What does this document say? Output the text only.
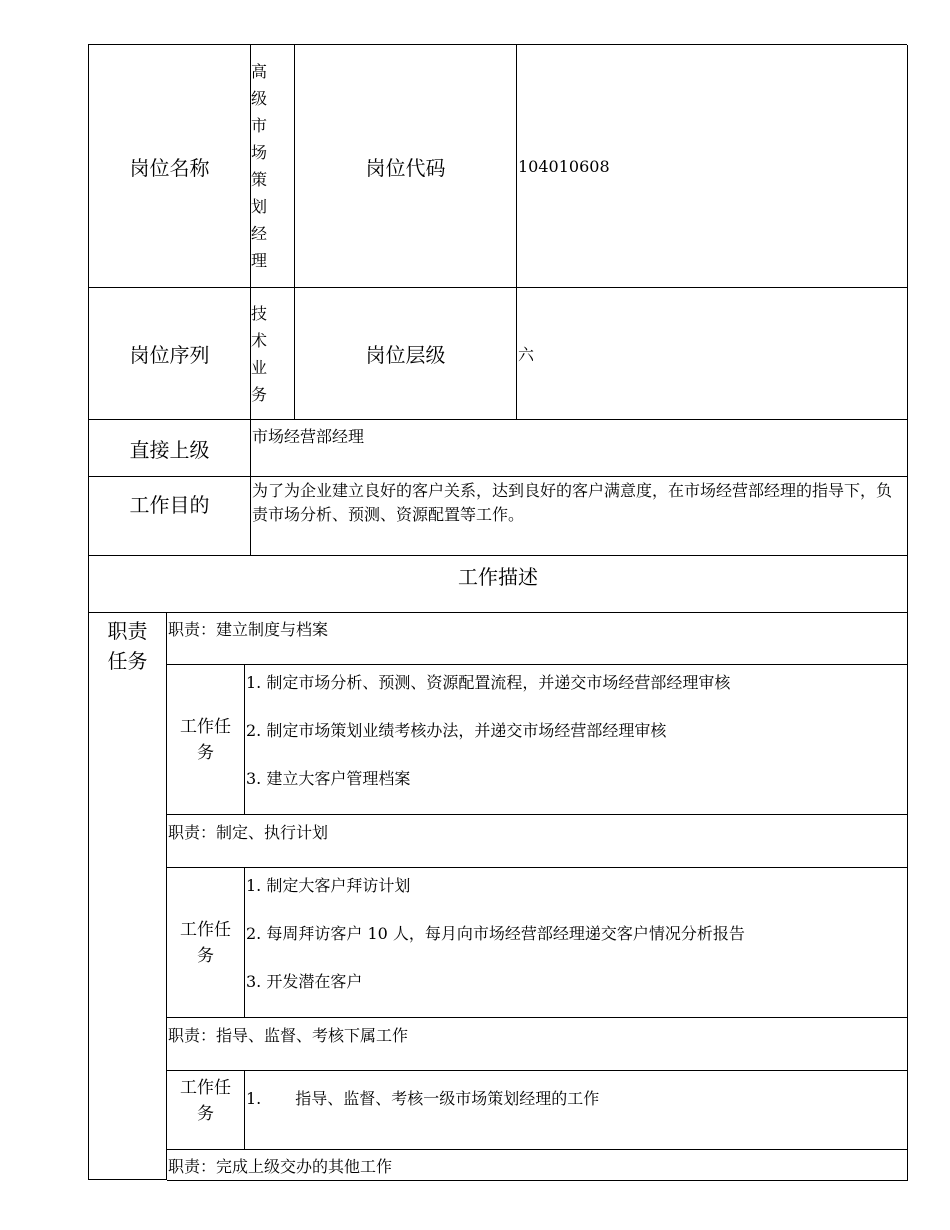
岗位名称
高级市场策划经理
岗位代码	104010608
岗位序列
技术业务
岗位层级	六
直接上级
市场经营部经理
工作目的
为了为企业建立良好的客户关系，达到良好的客户满意度，在市场经营部经理的指导下，负责市场分析、预测、资源配置等工作。
工作描述
职责
任务
职责：建立制度与档案
工作任务
1. 制定市场分析、预测、资源配置流程，并递交市场经营部经理审核
2. 制定市场策划业绩考核办法，并递交市场经营部经理审核
3. 建立大客户管理档案
职责：制定、执行计划
工作任务
1. 制定大客户拜访计划
2. 每周拜访客户 10 人，每月向市场经营部经理递交客户情况分析报告
3. 开发潜在客户
职责：指导、监督、考核下属工作
工作任务
1. 指导、监督、考核一级市场策划经理的工作
职责：完成上级交办的其他工作
